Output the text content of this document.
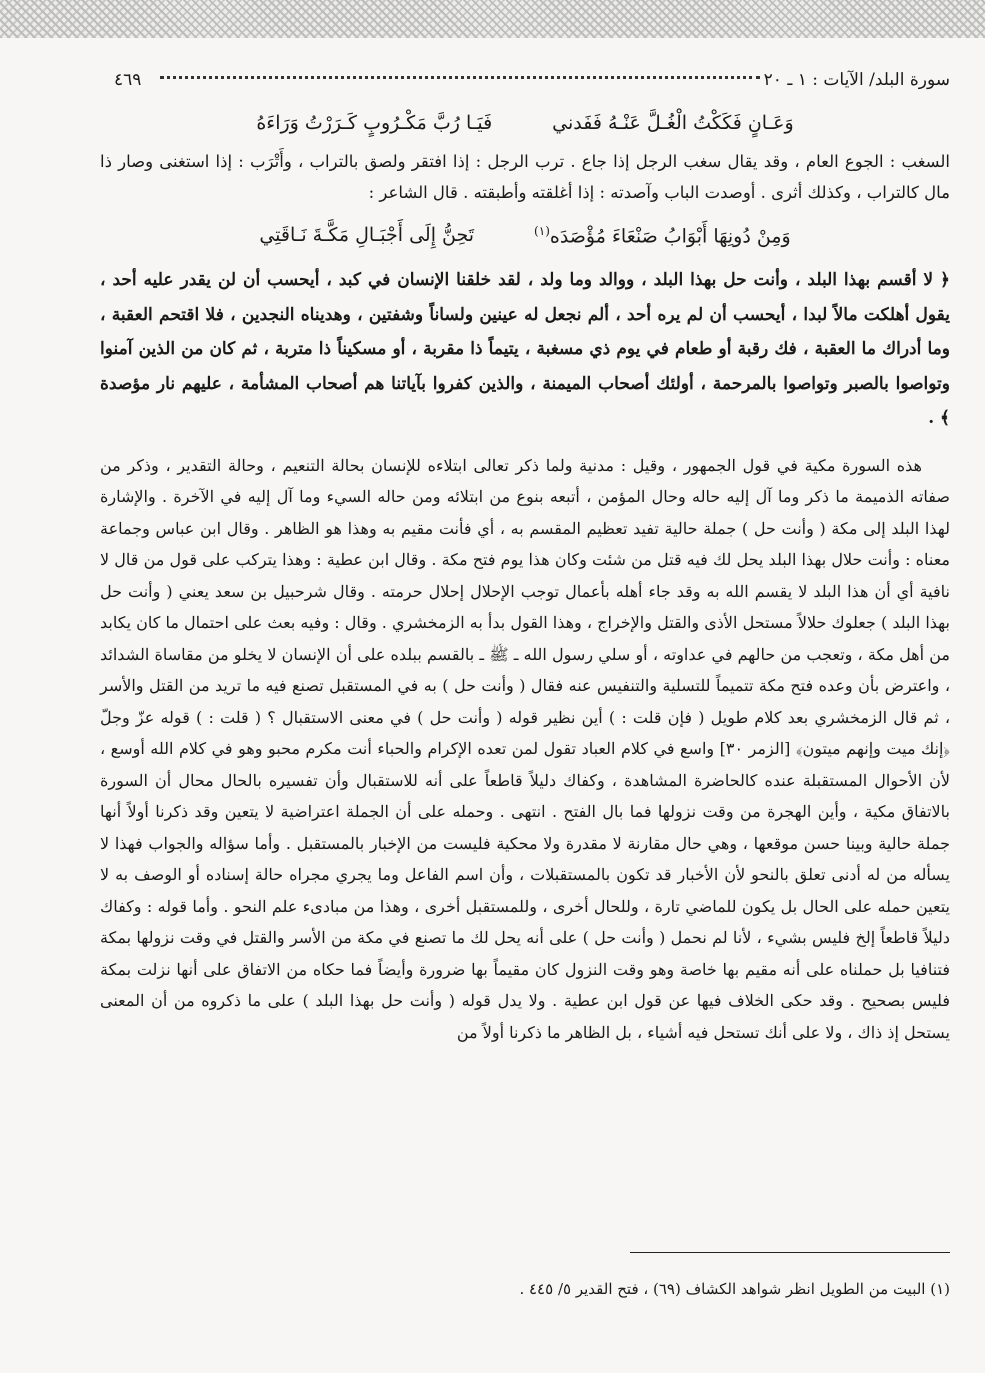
سورة البلد/ الآيات : ١ ـ ٢٠
٤٦٩
وَعَـانٍ فَكَكْتُ الْغُـلَّ عَنْـهُ فَفَدني
فَيَـا رُبَّ مَكْـرُوبٍ كَـرَرْتُ وَرَاءَهُ

السغب : الجوع العام ، وقد يقال سغب الرجل إذا جاع . ترب الرجل : إذا افتقر ولصق بالتراب ، وأَتْرَب : إذا استغنى وصار ذا مال كالتراب ، وكذلك أثرى . أوصدت الباب وآصدته : إذا أغلقته وأطبقته . قال الشاعر :

وَمِنْ دُونِهَا أَبْوَابُ صَنْعَاءَ مُؤْصَدَه$^{(١)}$
تَحِنُّ إِلَى أَجْبَـالِ مَكَّـةَ نَـاقَتِي

﴿ لا أقسم بهذا البلد ، وأنت حل بهذا البلد ، ووالد وما ولد ، لقد خلقنا الإنسان في كبد ، أيحسب أن لن يقدر عليه أحد ، يقول أهلكت مالاً لبدا ، أيحسب أن لم يره أحد ، ألم نجعل له عينين ولساناً وشفتين ، وهديناه النجدين ، فلا اقتحم العقبة ، وما أدراك ما العقبة ، فك رقبة أو طعام في يوم ذي مسغبة ، يتيماً ذا مقربة ، أو مسكيناً ذا متربة ، ثم كان من الذين آمنوا وتواصوا بالصبر وتواصوا بالمرحمة ، أولئك أصحاب الميمنة ، والذين كفروا بآياتنا هم أصحاب المشأمة ، عليهم نار مؤصدة ﴾ .

هذه السورة مكية في قول الجمهور ، وقيل : مدنية ولما ذكر تعالى ابتلاءه للإنسان بحالة التنعيم ، وحالة التقدير ، وذكر من صفاته الذميمة ما ذكر وما آل إليه حاله وحال المؤمن ، أتبعه بنوع من ابتلائه ومن حاله السيء وما آل إليه في الآخرة . والإشارة لهذا البلد إلى مكة ( وأنت حل ) جملة حالية تفيد تعظيم المقسم به ، أي فأنت مقيم به وهذا هو الظاهر . وقال ابن عباس وجماعة معناه : وأنت حلال بهذا البلد يحل لك فيه قتل من شئت وكان هذا يوم فتح مكة . وقال ابن عطية : وهذا يتركب على قول من قال لا نافية أي أن هذا البلد لا يقسم الله به وقد جاء أهله بأعمال توجب الإحلال إحلال حرمته . وقال شرحبيل بن سعد يعني ( وأنت حل بهذا البلد ) جعلوك حلالاً مستحل الأذى والقتل والإخراج ، وهذا القول بدأ به الزمخشري . وقال : وفيه بعث على احتمال ما كان يكابد من أهل مكة ، وتعجب من حالهم في عداوته ، أو سلي رسول الله ـ ﷺ ـ بالقسم ببلده على أن الإنسان لا يخلو من مقاساة الشدائد ، واعترض بأن وعده فتح مكة تتميماً للتسلية والتنفيس عنه فقال ( وأنت حل ) به في المستقبل تصنع فيه ما تريد من القتل والأسر ، ثم قال الزمخشري بعد كلام طويل ( فإن قلت : ) أين نظير قوله ( وأنت حل ) في معنى الاستقبال ؟ ( قلت : ) قوله عزّ وجلّ ﴿إنك ميت وإنهم ميتون﴾ [الزمر ٣٠] واسع في كلام العباد تقول لمن تعده الإكرام والحباء أنت مكرم محبو وهو في كلام الله أوسع ، لأن الأحوال المستقبلة عنده كالحاضرة المشاهدة ، وكفاك دليلاً قاطعاً على أنه للاستقبال وأن تفسيره بالحال محال أن السورة بالاتفاق مكية ، وأين الهجرة من وقت نزولها فما بال الفتح . انتهى . وحمله على أن الجملة اعتراضية لا يتعين وقد ذكرنا أولاً أنها جملة حالية وبينا حسن موقعها ، وهي حال مقارنة لا مقدرة ولا محكية فليست من الإخبار بالمستقبل . وأما سؤاله والجواب فهذا لا يسأله من له أدنى تعلق بالنحو لأن الأخبار قد تكون بالمستقبلات ، وأن اسم الفاعل وما يجري مجراه حالة إسناده أو الوصف به لا يتعين حمله على الحال بل يكون للماضي تارة ، وللحال أخرى ، وللمستقبل أخرى ، وهذا من مبادىء علم النحو . وأما قوله : وكفاك دليلاً قاطعاً إلخ فليس بشيء ، لأنا لم نحمل ( وأنت حل ) على أنه يحل لك ما تصنع في مكة من الأسر والقتل في وقت نزولها بمكة فتنافيا بل حملناه على أنه مقيم بها خاصة وهو وقت النزول كان مقيماً بها ضرورة وأيضاً فما حكاه من الاتفاق على أنها نزلت بمكة فليس بصحيح . وقد حكى الخلاف فيها عن قول ابن عطية . ولا يدل قوله ( وأنت حل بهذا البلد ) على ما ذكروه من أن المعنى يستحل إذ ذاك ، ولا على أنك تستحل فيه أشياء ، بل الظاهر ما ذكرنا أولاً من

(١) البيت من الطويل انظر شواهد الكشاف (٦٩) ، فتح القدير ٥/ ٤٤٥ .
